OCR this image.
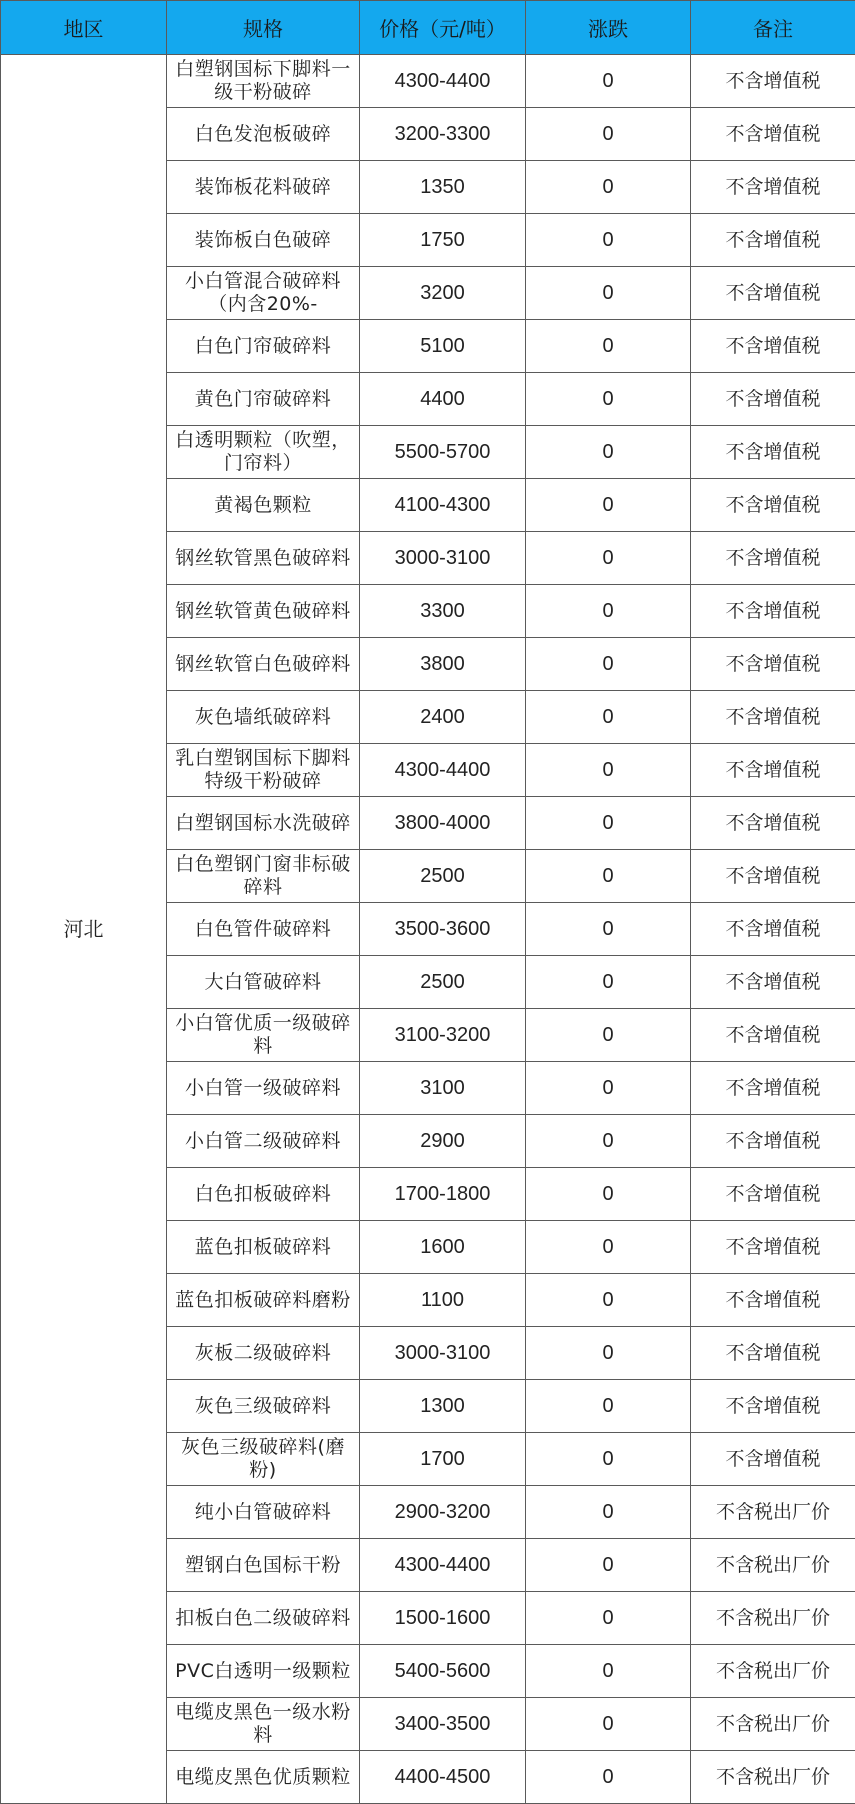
地区	规格	价格（元/吨）	涨跌	备注
河北	白塑钢国标下脚料一级干粉破碎	4300-4400	0	不含增值税

	白色发泡板破碎	3200-3300	0	不含增值税

	装饰板花料破碎	1350	0	不含增值税

	装饰板白色破碎	1750	0	不含增值税

	小白管混合破碎料（内含20%-	3200	0	不含增值税

	白色门帘破碎料	5100	0	不含增值税

	黄色门帘破碎料	4400	0	不含增值税

	白透明颗粒（吹塑，门帘料）	5500-5700	0	不含增值税

	黄褐色颗粒	4100-4300	0	不含增值税

	钢丝软管黑色破碎料	3000-3100	0	不含增值税

	钢丝软管黄色破碎料	3300	0	不含增值税

	钢丝软管白色破碎料	3800	0	不含增值税

	灰色墙纸破碎料	2400	0	不含增值税

	乳白塑钢国标下脚料特级干粉破碎	4300-4400	0	不含增值税

	白塑钢国标水洗破碎	3800-4000	0	不含增值税

	白色塑钢门窗非标破碎料	2500	0	不含增值税

	白色管件破碎料	3500-3600	0	不含增值税

	大白管破碎料	2500	0	不含增值税

	小白管优质一级破碎料	3100-3200	0	不含增值税

	小白管一级破碎料	3100	0	不含增值税

	小白管二级破碎料	2900	0	不含增值税

	白色扣板破碎料	1700-1800	0	不含增值税

	蓝色扣板破碎料	1600	0	不含增值税

	蓝色扣板破碎料磨粉	1100	0	不含增值税

	灰板二级破碎料	3000-3100	0	不含增值税

	灰色三级破碎料	1300	0	不含增值税

	灰色三级破碎料(磨粉)	1700	0	不含增值税

	纯小白管破碎料	2900-3200	0	不含税出厂价

	塑钢白色国标干粉	4300-4400	0	不含税出厂价

	扣板白色二级破碎料	1500-1600	0	不含税出厂价

	PVC白透明一级颗粒	5400-5600	0	不含税出厂价

	电缆皮黑色一级水粉料	3400-3500	0	不含税出厂价

	电缆皮黑色优质颗粒	4400-4500	0	不含税出厂价
